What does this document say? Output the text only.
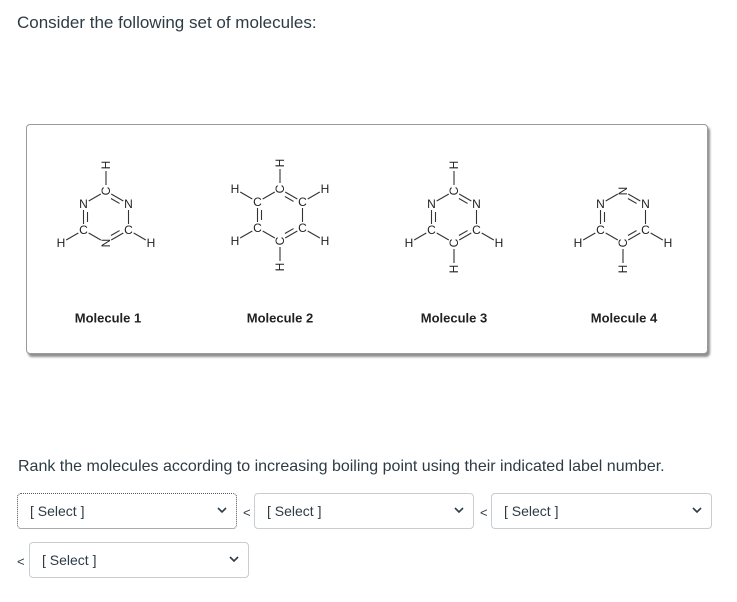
Consider the following set of molecules:
C
N
C
N
C
N
H
H
H
Molecule 1
C
C
C
C
C
C
H
H
H
H
H
H
Molecule 2
C
N
C
C
C
N
H
H
H
H
Molecule 3
N
N
C
C
C
N
H
H
H
Molecule 4
Rank the molecules according to increasing boiling point using their indicated label number.
[ Select ]	< [ Select ]	< [ Select ]
< [ Select ]
